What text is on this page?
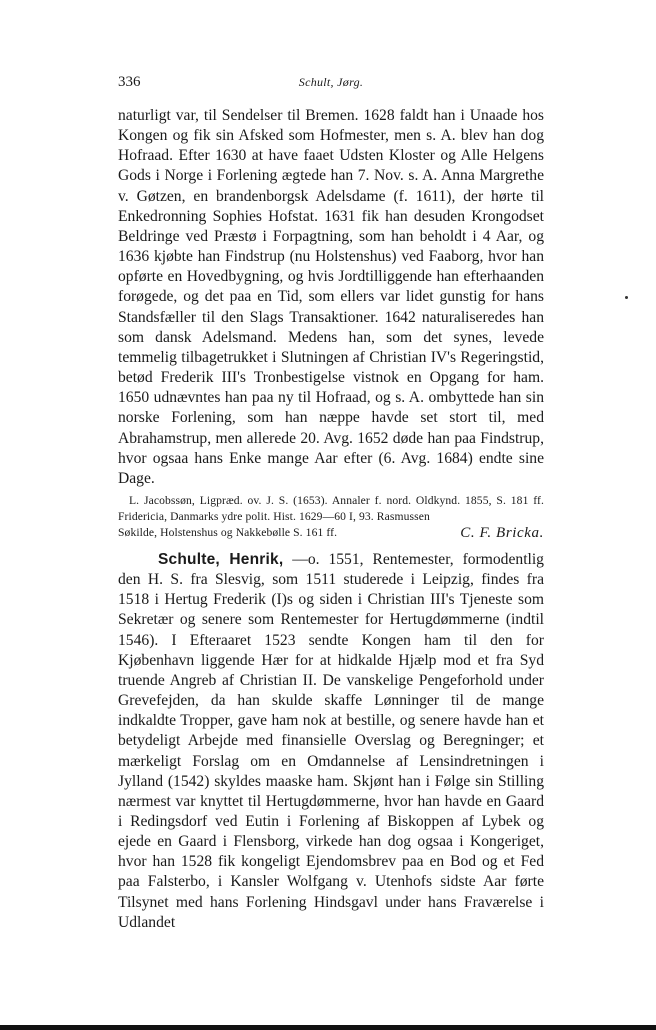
336	Schult, Jørg.

naturligt var, til Sendelser til Bremen. 1628 faldt han i Unaade hos Kongen og fik sin Afsked som Hofmester, men s. A. blev han dog Hofraad. Efter 1630 at have faaet Udsten Kloster og Alle Helgens Gods i Norge i Forlening ægtede han 7. Nov. s. A. Anna Margrethe v. Gøtzen, en brandenborgsk Adelsdame (f. 1611), der hørte til Enkedronning Sophies Hofstat. 1631 fik han desuden Krongodset Beldringe ved Præstø i Forpagtning, som han beholdt i 4 Aar, og 1636 kjøbte han Findstrup (nu Holstenshus) ved Faaborg, hvor han opførte en Hovedbygning, og hvis Jordtilliggende han efterhaanden forøgede, og det paa en Tid, som ellers var lidet gunstig for hans Standsfæller til den Slags Transaktioner. 1642 naturaliseredes han som dansk Adelsmand. Medens han, som det synes, levede temmelig tilbagetrukket i Slutningen af Christian IV's Regeringstid, betød Frederik III's Tronbestigelse vistnok en Opgang for ham. 1650 udnævntes han paa ny til Hofraad, og s. A. ombyttede han sin norske Forlening, som han næppe havde set stort til, med Abrahamstrup, men allerede 20. Avg. 1652 døde han paa Findstrup, hvor ogsaa hans Enke mange Aar efter (6. Avg. 1684) endte sine Dage.

L. Jacobssøn, Ligpræd. ov. J. S. (1653). Annaler f. nord. Oldkynd. 1855, S. 181 ff. Fridericia, Danmarks ydre polit. Hist. 1629—60 I, 93. Rasmussen
Søkilde, Holstenshus og Nakkebølle S. 161 ff.	C. F. Bricka.

Schulte, Henrik, —o. 1551, Rentemester, formodentlig den H. S. fra Slesvig, som 1511 studerede i Leipzig, findes fra 1518 i Hertug Frederik (I)s og siden i Christian III's Tjeneste som Sekretær og senere som Rentemester for Hertugdømmerne (indtil 1546). I Efteraaret 1523 sendte Kongen ham til den for Kjøbenhavn liggende Hær for at hidkalde Hjælp mod et fra Syd truende Angreb af Christian II. De vanskelige Pengeforhold under Grevefejden, da han skulde skaffe Lønninger til de mange indkaldte Tropper, gave ham nok at bestille, og senere havde han et betydeligt Arbejde med finansielle Overslag og Beregninger; et mærkeligt Forslag om en Omdannelse af Lensindretningen i Jylland (1542) skyldes maaske ham. Skjønt han i Følge sin Stilling nærmest var knyttet til Hertugdømmerne, hvor han havde en Gaard i Redingsdorf ved Eutin i Forlening af Biskoppen af Lybek og ejede en Gaard i Flensborg, virkede han dog ogsaa i Kongeriget, hvor han 1528 fik kongeligt Ejendomsbrev paa en Bod og et Fed paa Falsterbo, i Kansler Wolfgang v. Utenhofs sidste Aar førte Tilsynet med hans Forlening Hindsgavl under hans Fraværelse i Udlandet
